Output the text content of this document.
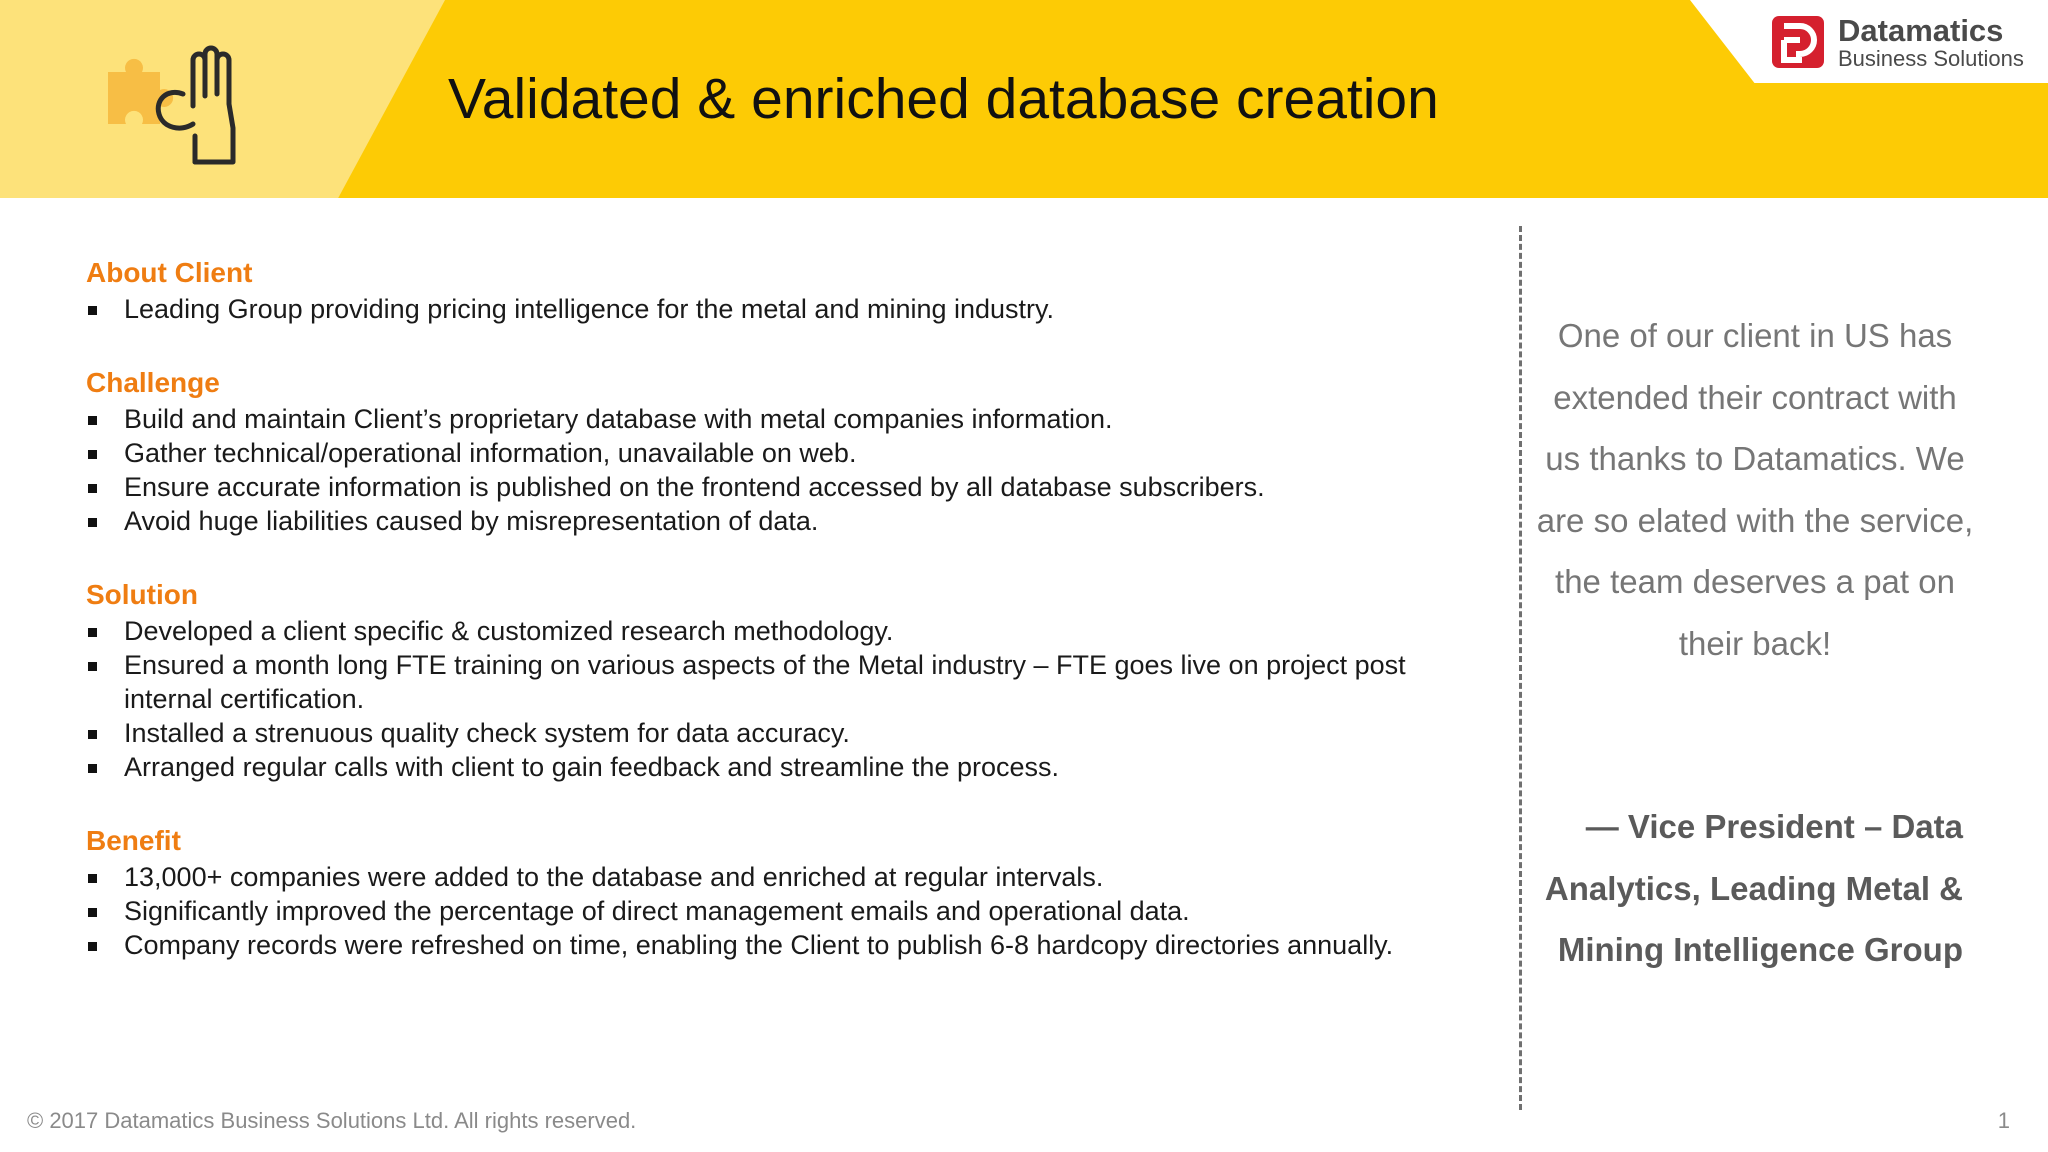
Validated & enriched database creation
Datamatics
Business Solutions
About Client
Leading Group providing pricing intelligence for the metal and mining industry.
Challenge
Build and maintain Client’s proprietary database with metal companies information.
Gather technical/operational information, unavailable on web.
Ensure accurate information is published on the frontend accessed by all database subscribers.
Avoid huge liabilities caused by misrepresentation of data.
Solution
Developed a client specific & customized research methodology.
Ensured a month long FTE training on various aspects of the Metal industry – FTE goes live on project post internal certification.
Installed a strenuous quality check system for data accuracy.
Arranged regular calls with client to gain feedback and streamline the process.
Benefit
13,000+ companies were added to the database and enriched at regular intervals.
Significantly improved the percentage of direct management emails and operational data.
Company records were refreshed on time, enabling the Client to publish 6-8 hardcopy directories annually.
One of our client in US has extended their contract with us thanks to Datamatics. We are so elated with the service, the team deserves a pat on their back!
— Vice President – Data Analytics, Leading Metal & Mining Intelligence Group
© 2017 Datamatics Business Solutions Ltd. All rights reserved.	1
